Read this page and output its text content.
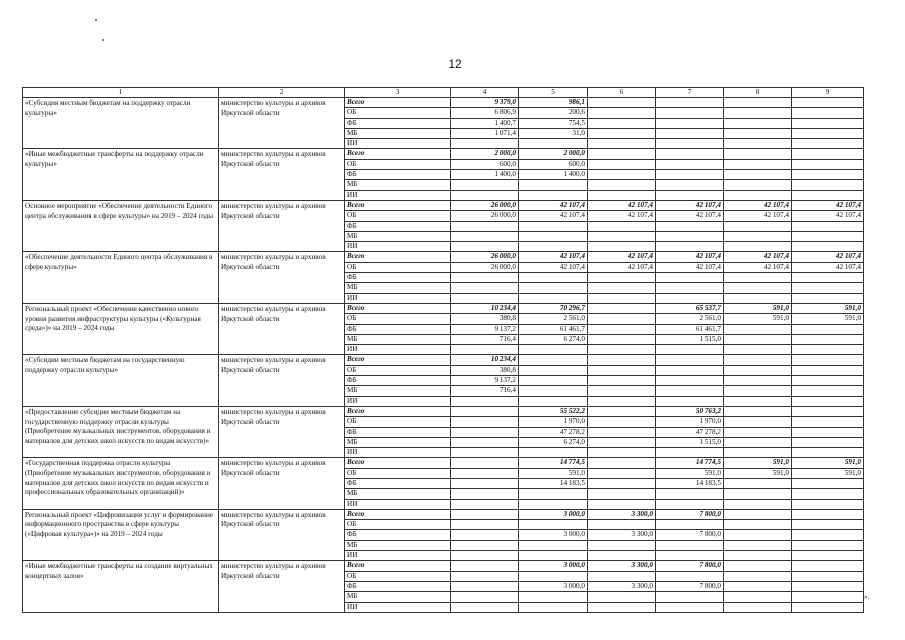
12
1	2	3	4	5	6	7	8	9
«Субсидия местным бюджетам на поддержку отрасли культуры»	министерство культуры и архивов Иркутской области	Всего	9 379,0	986,1				
		ОБ	6 806,9	200,6				
		ФБ	1 400,7	754,5				
		МБ	1 071,4	31,0				
		ИИ						
«Иные межбюджетные трансферты на поддержку отрасли культуры»	министерство культуры и архивов Иркутской области	Всего	2 000,0	2 000,0				
		ОБ	600,0	600,0				
		ФБ	1 400,0	1 400,0				
		МБ						
		ИИ						
Основное мероприятие «Обеспечение деятельности Единого центра обслуживания в сфере культуры» на 2019 – 2024 годы	министерство культуры и архивов Иркутской области	Всего	26 000,0	42 107,4	42 107,4	42 107,4	42 107,4	42 107,4
		ОБ	26 000,0	42 107,4	42 107,4	42 107,4	42 107,4	42 107,4
		ФБ						
		МБ						
		ИИ						
«Обеспечение деятельности Единого центра обслуживания в сфере культуры»	министерство культуры и архивов Иркутской области	Всего	26 000,0	42 107,4	42 107,4	42 107,4	42 107,4	42 107,4
		ОБ	26 000,0	42 107,4	42 107,4	42 107,4	42 107,4	42 107,4
		ФБ						
		МБ						
		ИИ						
Региональный проект «Обеспечение качественно нового уровня развития инфраструктуры культуры («Культурная среда»)» на 2019 – 2024 годы	министерство культуры и архивов Иркутской области	Всего	10 234,4	70 296,7		65 537,7	591,0	591,0
		ОБ	380,8	2 561,0		2 561,0	591,0	591,0
		ФБ	9 137,2	61 461,7		61 461,7		
		МБ	716,4	6 274,0		1 515,0		
		ИИ						
«Субсидии местным бюджетам на государственную поддержку отрасли культуры»	министерство культуры и архивов Иркутской области	Всего	10 234,4					
		ОБ	380,8					
		ФБ	9 137,2					
		МБ	716,4					
		ИИ						
«Предоставление субсидии местным бюджетам на государственную поддержку отрасли культуры (Приобретение музыкальных инструментов, оборудования и материалов для детских школ искусств по видам искусств)»	министерство культуры и архивов Иркутской области	Всего		55 522,2		50 763,2		
		ОБ		1 970,0		1 970,0		
		ФБ		47 278,2		47 278,2		
		МБ		6 274,0		1 515,0		
		ИИ						
«Государственная поддержка отрасли культуры (Приобретение музыкальных инструментов, оборудования и материалов для детских школ искусств по видам искусств и профессиональных образовательных организаций)»	министерство культуры и архивов Иркутской области	Всего		14 774,5		14 774,5	591,0	591,0
		ОБ		591,0		591,0	591,0	591,0
		ФБ		14 183,5		14 183,5		
		МБ						
		ИИ						
Региональный проект «Цифровизация услуг и формирование информационного пространства в сфере культуры («Цифровая культура»)» на 2019 – 2024 годы	министерство культуры и архивов Иркутской области	Всего		3 000,0	3 300,0	7 800,0		
		ОБ						
		ФБ		3 000,0	3 300,0	7 800,0		
		МБ						
		ИИ						
«Иные межбюджетные трансферты на создание виртуальных концертных залов»	министерство культуры и архивов Иркутской области	Всего		3 000,0	3 300,0	7 800,0		
		ОБ						
		ФБ		3 000,0	3 300,0	7 800,0		
		МБ						
		ИИ						
».
